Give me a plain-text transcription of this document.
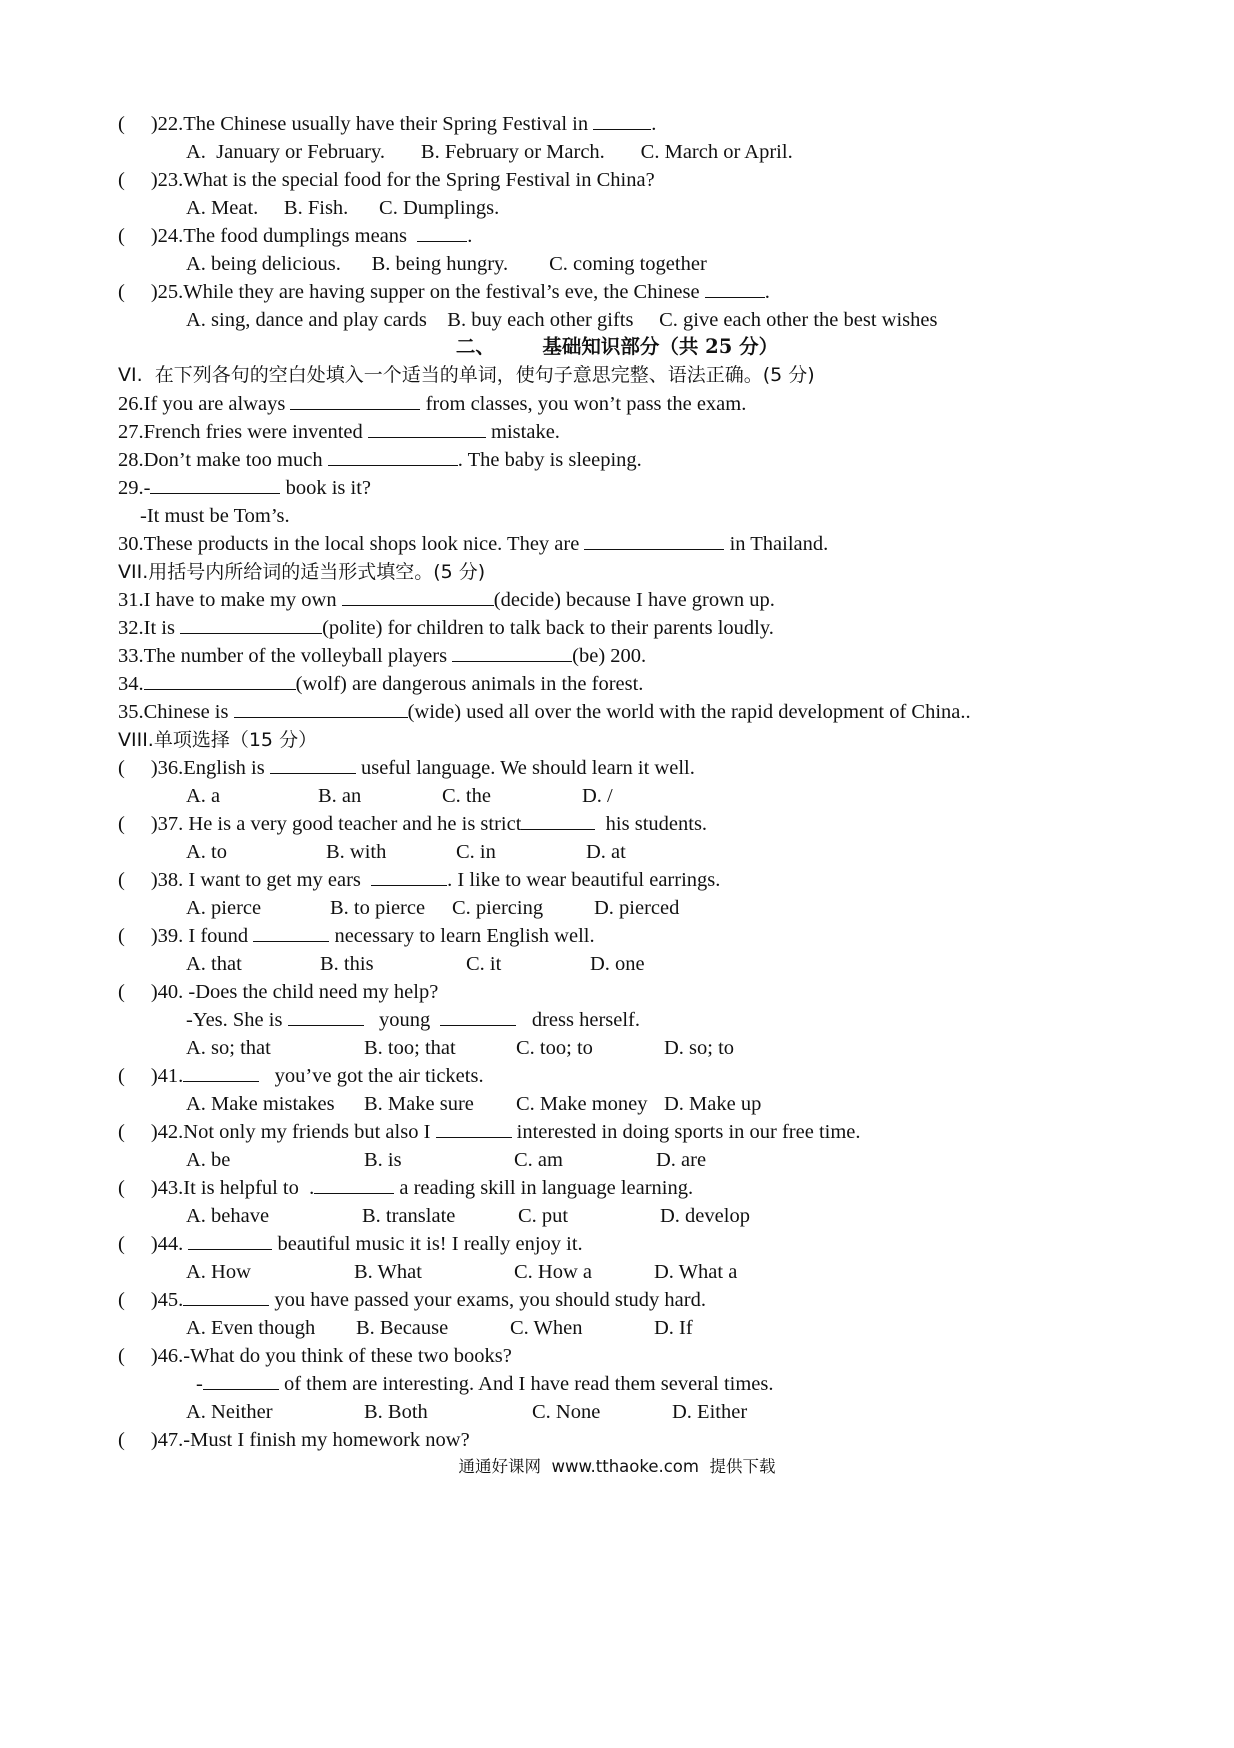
( )22.The Chinese usually have their Spring Festival in	.
A.  January or February.       B. February or March.       C. March or April.
( )23.What is the special food for the Spring Festival in China?
A. Meat.     B. Fish.      C. Dumplings.
( )24.The food dumplings means	.
A. being delicious.      B. being hungry.        C. coming together
( )25.While they are having supper on the festival’s eve, the Chinese	.
A. sing, dance and play cards    B. buy each other gifts     C. give each other the best wishes
二、       基础知识部分（共 25 分）
VI.  在下列各句的空白处填入一个适当的单词，使句子意思完整、语法正确。(5 分)
26.If you are always	from classes, you won’t pass the exam.
27.French fries were invented	mistake.
28.Don’t make too much	. The baby is sleeping.
29.-	book is it?
-It must be Tom’s.
30.These products in the local shops look nice. They are	in Thailand.
VII.用括号内所给词的适当形式填空。(5 分)
31.I have to make my own	(decide) because I have grown up.
32.It is	(polite) for children to talk back to their parents loudly.
33.The number of the volleyball players	(be) 200.
34.	(wolf) are dangerous animals in the forest.
35.Chinese is	(wide) used all over the world with the rapid development of China..
VIII.单项选择（15 分）
( )36.English is	useful language. We should learn it well.
A. a	B. an	C. the	D. /
( )37. He is a very good teacher and he is strict	his students.
A. to	B. with	C. in	D. at
( )38. I want to get my ears	. I like to wear beautiful earrings.
A. pierce	B. to pierce C. piercing D. pierced
( )39. I found	necessary to learn English well.
A. that	B. this	C. it	D. one
( )40. -Does the child need my help?
-Yes. She is	young	dress herself.
A. so; that	B. too; that	C. too; to	D. so; to
( )41.	you’ve got the air tickets.
A. Make mistakes B. Make sure C. Make money D. Make up
( )42.Not only my friends but also I	interested in doing sports in our free time.
A. be	B. is	C. am	D. are
( )43.It is helpful to  .	a reading skill in language learning.
A. behave	B. translate	C. put	D. develop
( )44.	beautiful music it is! I really enjoy it.
A. How	B. What	C. How a	D. What a
( )45.	you have passed your exams, you should study hard.
A. Even though B. Because	C. When	D. If
( )46.-What do you think of these two books?
-	of them are interesting. And I have read them several times.
A. Neither	B. Both	C. None	D. Either
( )47.-Must I finish my homework now?
通通好课网  www.tthaoke.com  提供下载
